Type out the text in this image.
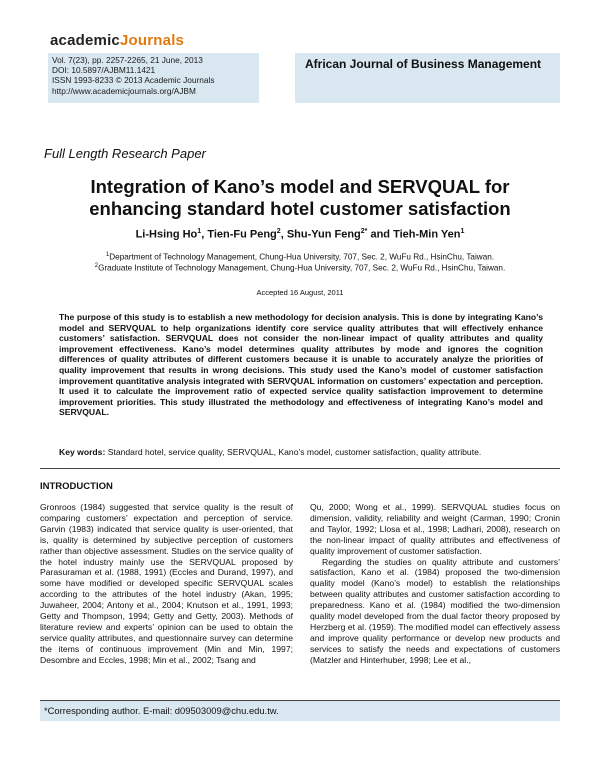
academicJournals
Vol. 7(23), pp. 2257-2265, 21 June, 2013
DOI: 10.5897/AJBM11.1421
ISSN 1993-8233 © 2013 Academic Journals
http://www.academicjournals.org/AJBM
African Journal of Business Management
Full Length Research Paper
Integration of Kano’s model and SERVQUAL for
enhancing standard hotel customer satisfaction
Li-Hsing Ho$^1$, Tien-Fu Peng$^2$, Shu-Yun Feng$^{2*}$ and Tieh-Min Yen$^1$
$^1$Department of Technology Management, Chung-Hua University, 707, Sec. 2, WuFu Rd., HsinChu, Taiwan.
$^2$Graduate Institute of Technology Management, Chung-Hua University, 707, Sec. 2, WuFu Rd., HsinChu, Taiwan.
Accepted 16 August, 2011
The purpose of this study is to establish a new methodology for decision analysis. This is done by integrating Kano’s model and SERVQUAL to help organizations identify core service quality attributes that will effectively enhance customers’ satisfaction. SERVQUAL does not consider the non-linear impact of quality attributes and quality improvement effectiveness. Kano’s model determines quality attributes by mode and ignores the cognition differences of quality attributes of different customers because it is unable to accurately analyze the priorities of quality improvement that results in wrong decisions. This study used the Kano’s model of customer satisfaction improvement quantitative analysis integrated with SERVQUAL information on customers’ expectation and perception. It used it to calculate the improvement ratio of expected service quality satisfaction improvement to determine improvement priorities. This study illustrated the methodology and effectiveness of integrating Kano’s model and SERVQUAL.
Key words: Standard hotel, service quality, SERVQUAL, Kano’s model, customer satisfaction, quality attribute.
INTRODUCTION

Gronroos (1984) suggested that service quality is the result of comparing customers’ expectation and perception of service. Garvin (1983) indicated that service quality is user-oriented, that is, quality is determined by subjective perception of customers rather than objective assessment. Studies on the service quality of the hotel industry mainly use the SERVQUAL proposed by Parasuraman et al. (1988, 1991) (Eccles and Durand, 1997), and some have modified or developed specific SERVQUAL scales according to the attributes of the hotel industry (Akan, 1995; Juwaheer, 2004; Antony et al., 2004; Knutson et al., 1991, 1993; Getty and Thompson, 1994; Getty and Getty, 2003). Methods of literature review and experts’ opinion can be used to obtain the service quality attributes, and questionnaire survey can determine the items of continuous improvement (Min and Min, 1997; Desombre and Eccles, 1998; Min et al., 2002; Tsang and

Qu, 2000; Wong et al., 1999). SERVQUAL studies focus on dimension, validity, reliability and weight (Carman, 1990; Cronin and Taylor, 1992; Llosa et al., 1998; Ladhari, 2008), research on the non-linear impact of quality attributes and effectiveness of quality improvement of customer satisfaction.

Regarding the studies on quality attribute and customers’ satisfaction, Kano et al. (1984) proposed the two-dimension quality model (Kano’s model) to establish the relationships between quality attributes and customer satisfaction according to preparedness. Kano et al. (1984) modified the two-dimension quality model developed from the dual factor theory proposed by Herzberg et al. (1959). The modified model can effectively assess and improve quality performance or develop new products and services to satisfy the needs and expectations of customers (Matzler and Hinterhuber, 1998; Lee et al.,

*Corresponding author. E-mail: d09503009@chu.edu.tw.
